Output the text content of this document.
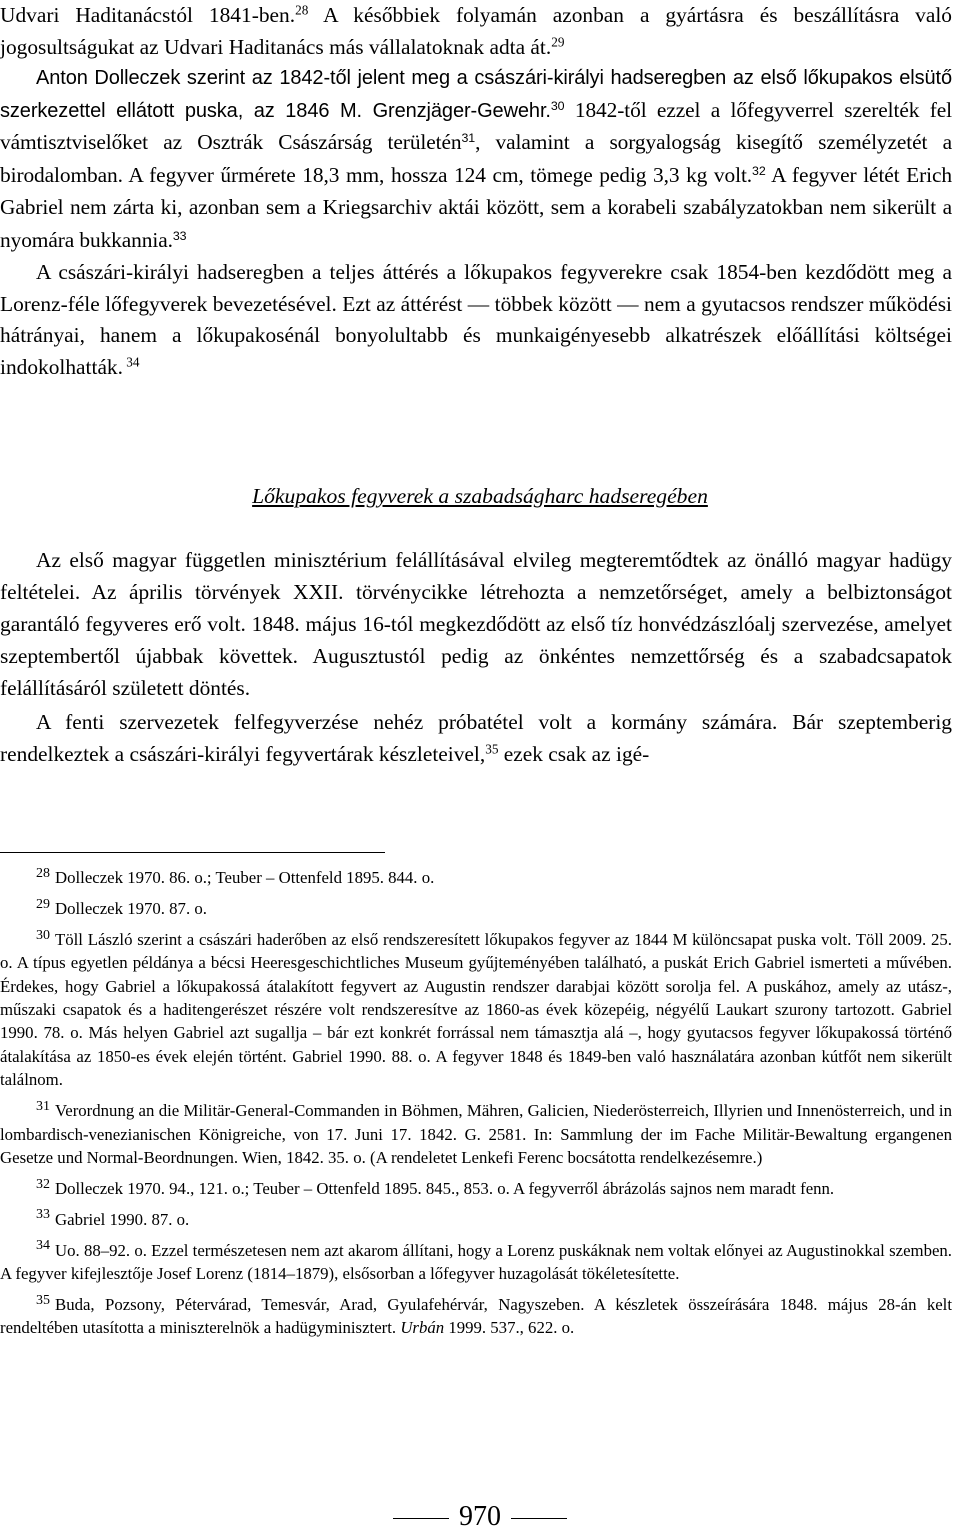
Udvari Haditanácstól 1841-ben.$^{28}$ A későbbiek folyamán azonban a gyártásra és beszállításra való jogosultságukat az Udvari Haditanács más vállalatoknak adta át.$^{29}$

Anton Dolleczek szerint az 1842-től jelent meg a császári-királyi hadseregben az első lőkupakos elsütő szerkezettel ellátott puska, az 1846 M. Grenzjäger-Gewehr.$^{30}$ 1842-től ezzel a lőfegyverrel szerelték fel vámtisztviselőket az Osztrák Császárság területén$^{31}$, valamint a sorgyalogság kisegítő személyzetét a birodalomban. A fegyver űrmérete 18,3 mm, hossza 124 cm, tömege pedig 3,3 kg volt.$^{32}$ A fegyver létét Erich Gabriel nem zárta ki, azonban sem a Kriegsarchiv aktái között, sem a korabeli szabályzatokban nem sikerült a nyomára bukkannia.$^{33}$

A császári-királyi hadseregben a teljes áttérés a lőkupakos fegyverekre csak 1854-ben kezdődött meg a Lorenz-féle lőfegyverek bevezetésével. Ezt az áttérést — többek között — nem a gyutacsos rendszer működési hátrányai, hanem a lőkupakosénál bonyolultabb és munkaigényesebb alkatrészek előállítási költségei indokolhatták. $^{34}$

Lőkupakos fegyverek a szabadságharc hadseregében

Az első magyar független minisztérium felállításával elvileg megteremtődtek az önálló magyar hadügy feltételei. Az április törvények XXII. törvénycikke létrehozta a nemzetőrséget, amely a belbiztonságot garantáló fegyveres erő volt. 1848. május 16-tól megkezdődött az első tíz honvédzászlóalj szervezése, amelyet szeptembertől újabbak követtek. Augusztustól pedig az önkéntes nemzettőrség és a szabadcsapatok felállításáról született döntés.

A fenti szervezetek felfegyverzése nehéz próbatétel volt a kormány számára. Bár szeptemberig rendelkeztek a császári-királyi fegyvertárak készleteivel,$^{35}$ ezek csak az igé-

$^{28}$ Dolleczek 1970. 86. o.; Teuber – Ottenfeld 1895. 844. o.

$^{29}$ Dolleczek 1970. 87. o.

$^{30}$ Töll László szerint a császári haderőben az első rendszeresített lőkupakos fegyver az 1844 M különcsapat puska volt. Töll 2009. 25. o. A típus egyetlen példánya a bécsi Heeresgeschichtliches Museum gyűjteményében található, a puskát Erich Gabriel ismerteti a művében. Érdekes, hogy Gabriel a lőkupakossá átalakított fegyvert az Augustin rendszer darabjai között sorolja fel. A puskához, amely az utász-, műszaki csapatok és a haditengerészet részére volt rendszeresítve az 1860-as évek közepéig, négyélű Laukart szurony tartozott. Gabriel 1990. 78. o. Más helyen Gabriel azt sugallja – bár ezt konkrét forrással nem támasztja alá –, hogy gyutacsos fegyver lőkupakossá történő átalakítása az 1850-es évek elején történt. Gabriel 1990. 88. o. A fegyver 1848 és 1849-ben való használatára azonban kútfőt nem sikerült találnom.

$^{31}$ Verordnung an die Militär-General-Commanden in Böhmen, Mähren, Galicien, Niederösterreich, Illyrien und Innenösterreich, und in lombardisch-venezianischen Königreiche, von 17. Juni 17. 1842. G. 2581. In: Sammlung der im Fache Militär-Bewaltung ergangenen Gesetze und Normal-Beordnungen. Wien, 1842. 35. o. (A rendeletet Lenkefi Ferenc bocsátotta rendelkezésemre.)

$^{32}$ Dolleczek 1970. 94., 121. o.; Teuber – Ottenfeld 1895. 845., 853. o. A fegyverről ábrázolás sajnos nem maradt fenn.

$^{33}$ Gabriel 1990. 87. o.

$^{34}$ Uo. 88–92. o. Ezzel természetesen nem azt akarom állítani, hogy a Lorenz puskáknak nem voltak előnyei az Augustinokkal szemben. A fegyver kifejlesztője Josef Lorenz (1814–1879), elsősorban a lőfegyver huzagolását tökéletesítette.

$^{35}$ Buda, Pozsony, Pétervárad, Temesvár, Arad, Gyulafehérvár, Nagyszeben. A készletek összeírására 1848. május 28-án kelt rendeltében utasította a miniszterelnök a hadügyminisztert. Urbán 1999. 537., 622. o.

970
